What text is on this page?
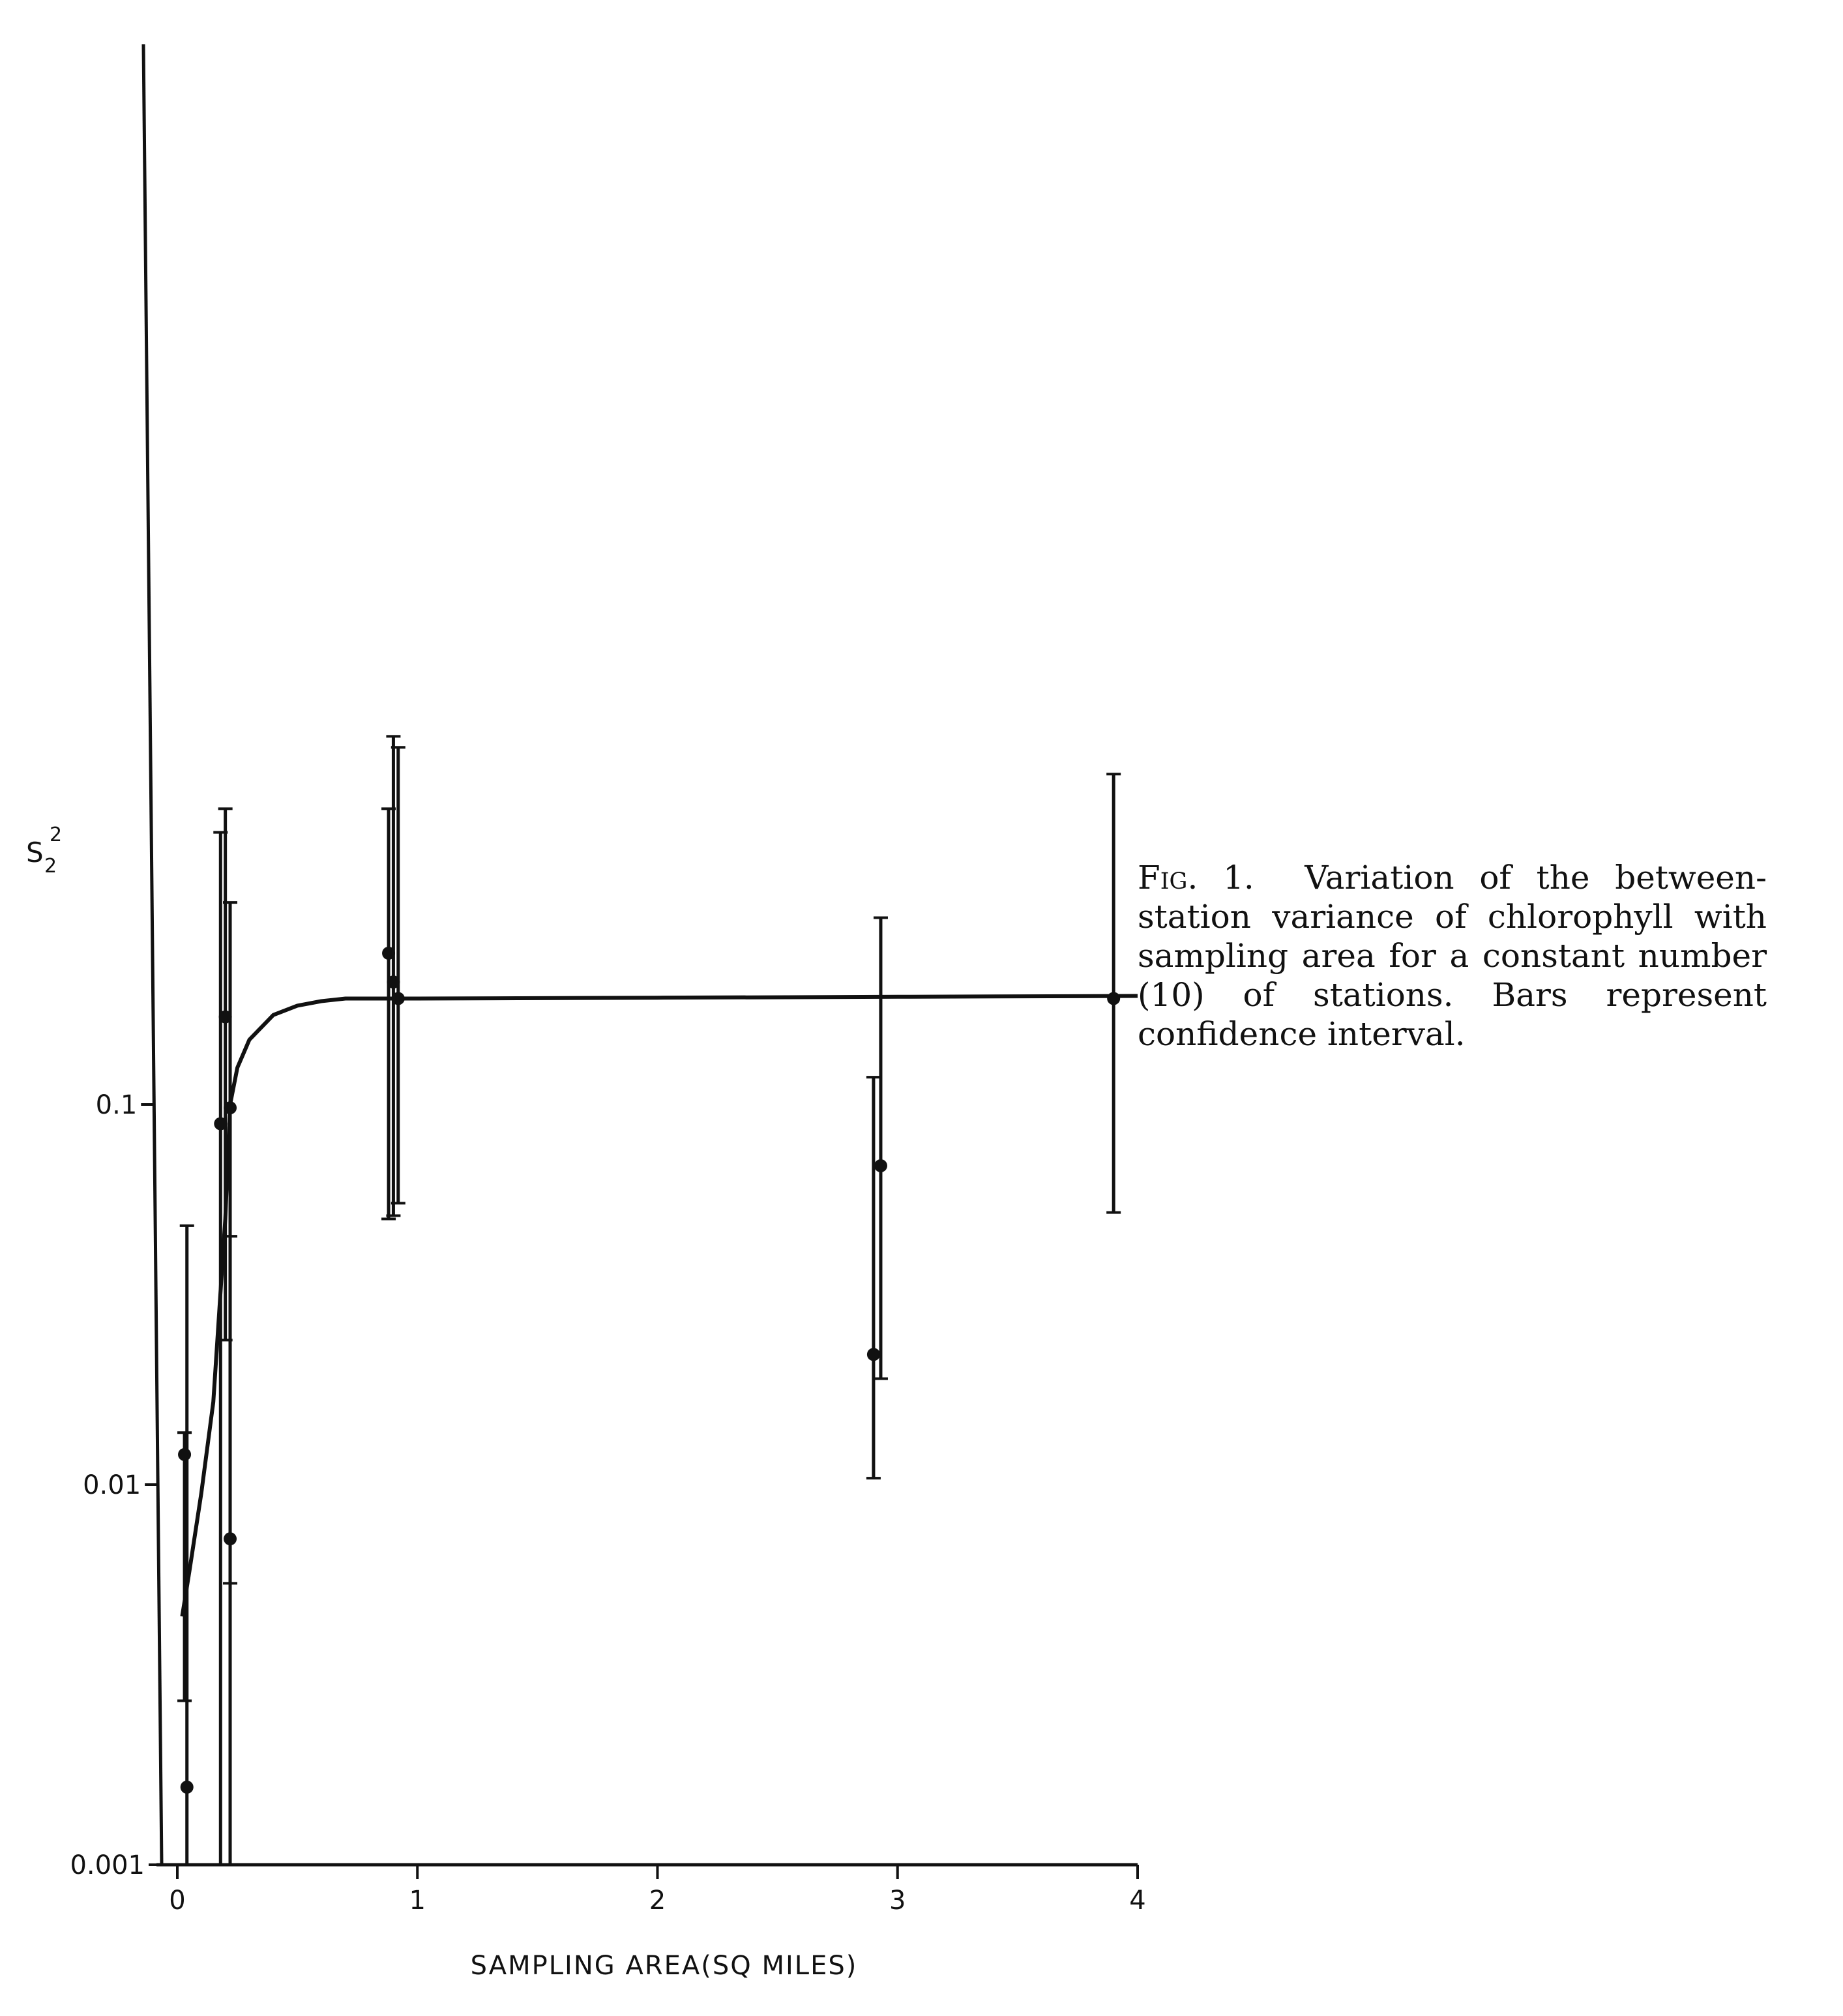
0	1	2	3	4
0.001
0.01
0.1
SAMPLING AREA(SQ MILES)
S 2
2
Fig. 1. Variation of the between-station variance of chlorophyll with sampling area for a constant number (10) of stations. Bars represent confidence interval.
